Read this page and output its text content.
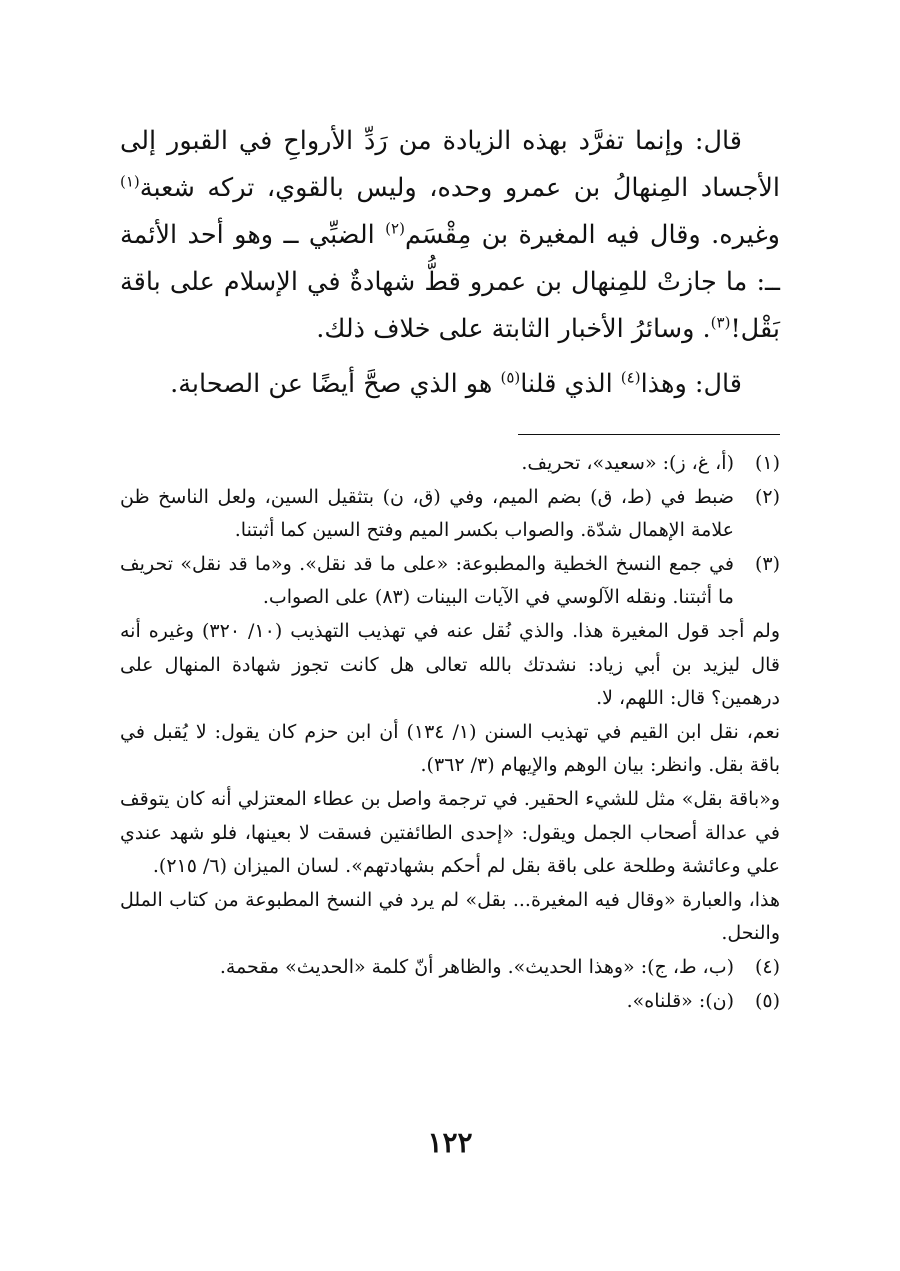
قال: وإنما تفرَّد بهذه الزيادة من رَدِّ الأرواحِ في القبور إلى الأجساد المِنهالُ بن عمرو وحده، وليس بالقوي، تركه شعبة$^{(١)}$ وغيره. وقال فيه المغيرة بن مِقْسَم$^{(٢)}$ الضبِّي ــ وهو أحد الأئمة ــ: ما جازتْ للمِنهال بن عمرو قطُّ شهادةٌ في الإسلام على باقة بَقْل!$^{(٣)}$. وسائرُ الأخبار الثابتة على خلاف ذلك.

قال: وهذا$^{(٤)}$ الذي قلنا$^{(٥)}$ هو الذي صحَّ أيضًا عن الصحابة.

(١)
(أ، غ، ز): «سعيد»، تحريف.
(٢)
ضبط في (ط، ق) بضم الميم، وفي (ق، ن) بتثقيل السين، ولعل الناسخ ظن علامة الإهمال شدّة. والصواب بكسر الميم وفتح السين كما أثبتنا.
(٣)
في جمع النسخ الخطية والمطبوعة: «على ما قد نقل». و«ما قد نقل» تحريف ما أثبتنا. ونقله الآلوسي في الآيات البينات (٨٣) على الصواب.
ولم أجد قول المغيرة هذا. والذي نُقل عنه في تهذيب التهذيب (١٠/ ٣٢٠) وغيره أنه قال ليزيد بن أبي زياد: نشدتك بالله تعالى هل كانت تجوز شهادة المنهال على درهمين؟ قال: اللهم، لا.
نعم، نقل ابن القيم في تهذيب السنن (١/ ١٣٤) أن ابن حزم كان يقول: لا يُقبل في باقة بقل. وانظر: بيان الوهم والإيهام (٣/ ٣٦٢).
و«باقة بقل» مثل للشيء الحقير. في ترجمة واصل بن عطاء المعتزلي أنه كان يتوقف في عدالة أصحاب الجمل ويقول: «إحدى الطائفتين فسقت لا بعينها، فلو شهد عندي علي وعائشة وطلحة على باقة بقل لم أحكم بشهادتهم». لسان الميزان (٦/ ٢١٥).
هذا، والعبارة «وقال فيه المغيرة... بقل» لم يرد في النسخ المطبوعة من كتاب الملل والنحل.
(٤)
(ب، ط، ج): «وهذا الحديث». والظاهر أنّ كلمة «الحديث» مقحمة.
(٥)
(ن): «قلناه».
١٢٢
